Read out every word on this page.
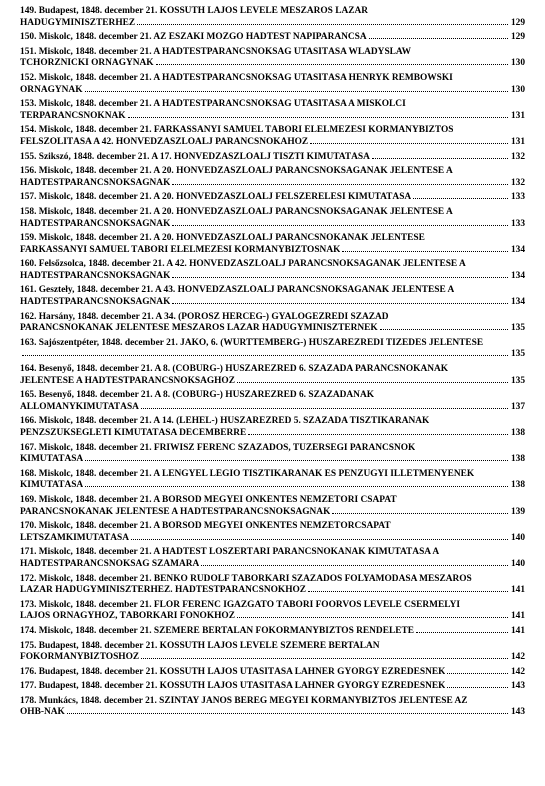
149. Budapest, 1848. december 21. KOSSUTH LAJOS LEVELE MÉSZÁROS LÁZÁR
HADÜGYMINISZTERHEZ	129
150. Miskolc, 1848. december 21. AZ ÉSZAKI MOZGÓ HADTEST NAPIPARANCSA	129
151. Miskolc, 1848. december 21. A HADTESTPARANCSNOKSÁG UTASÍTÁSA WLADYSLAW
TCHÓRZNICKI ŐRNAGYNAK	130
152. Miskolc, 1848. december 21. A HADTESTPARANCSNOKSÁG UTASÍTÁSA HENRYK REMBOWSKI
ŐRNAGYNAK	130
153. Miskolc, 1848. december 21. A HADTESTPARANCSNOKSÁG UTASÍTÁSA A MISKOLCI
TÉRPARANCSNOKNAK	131
154. Miskolc, 1848. december 21. FARKASSÁNYI SÁMUEL TÁBORI ÉLELMEZÉSI KORMÁNYBIZTOS
FELSZÓLÍTÁSA A 42. HONVÉDZÁSZLÓALJ PARANCSNOKÁHOZ	131
155. Szikszó, 1848. december 21. A 17. HONVÉDZÁSZLÓALJ TISZTI KIMUTATÁSA	132
156. Miskolc, 1848. december 21. A 20. HONVÉDZÁSZLÓALJ PARANCSNOKSÁGÁNAK JELENTÉSE A
HADTESTPARANCSNOKSÁGNAK	132
157. Miskolc, 1848. december 21. A 20. HONVÉDZÁSZLÓALJ FELSZERELÉSI KIMUTATÁSA	133
158. Miskolc, 1848. december 21. A 20. HONVÉDZÁSZLÓALJ PARANCSNOKSÁGÁNAK JELENTÉSE A
HADTESTPARANCSNOKSÁGNAK	133
159. Miskolc, 1848. december 21. A 20. HONVÉDZÁSZLÓALJ PARANCSNOKÁNAK JELENTÉSE
FARKASSÁNYI SÁMUEL TÁBORI ÉLELMEZÉSI KORMÁNYBIZTOSNAK	134
160. Felsőzsolca, 1848. december 21. A 42. HONVÉDZÁSZLÓALJ PARANCSNOKSÁGÁNAK JELENTÉSE A
HADTESTPARANCSNOKSÁGNAK	134
161. Geszteły, 1848. december 21. A 43. HONVÉDZÁSZLÓALJ PARANCSNOKSÁGÁNAK JELENTÉSE A
HADTESTPARANCSNOKSÁGNAK	134
162. Harsány, 1848. december 21. A 34. (POROSZ HERCEG-) GYALOGEZREDI SZÁZAD
PARANCSNOKÁNAK JELENTÉSE MÉSZÁROS LÁZÁR HADÜGYMINISZTERNEK	135
163. Sajószentpéter, 1848. december 21. JÁKÓ, 6. (WÜRTTEMBERG-) HUSZÁREZREDI TIZEDES JELENTÉSE
135
164. Besenyő, 1848. december 21. A 8. (COBURG-) HUSZÁREZRED 6. SZÁZADA PARANCSNOKÁNAK
JELENTÉSE A HADTESTPARANCSNOKSÁGHOZ	135
165. Besenyő, 1848. december 21. A 8. (COBURG-) HUSZÁREZRED 6. SZÁZADÁNAK
ÁLLOMÁNYKIMUTATÁSA	137
166. Miskolc, 1848. december 21. A 14. (LEHEL-) HUSZÁREZRED 5. SZÁZADA TISZTIKARÁNAK
PÉNZSZÜKSÉGLETI KIMUTATÁSA DECEMBERRE	138
167. Miskolc, 1848. december 21. FRIWISZ FERENC SZÁZADOS, TÜZÉRSÉGI PARANCSNOK
KIMUTATÁSA	138
168. Miskolc, 1848. december 21. A LENGYEL LÉGIÓ TISZTIKARÁNAK ÉS PÉNZÜGYI ILLETMÉNYÉNEK
KIMUTATÁSA	138
169. Miskolc, 1848. december 21. A BORSOD MEGYEI ÖNKÉNTES NEMZETŐRI CSAPAT
PARANCSNOKÁNAK JELENTÉSE A HADTESTPARANCSNOKSÁGNAK	139
170. Miskolc, 1848. december 21. A BORSOD MEGYEI ÖNKÉNTES NEMZETŐRCSAPAT
LÉTSZÁMKIMUTATÁSA	140
171. Miskolc, 1848. december 21. A HADTEST LŐSZERTÁRI PARANCSNOKÁNAK KIMUTATÁSA A
HADTESTPARANCSNOKSÁG SZÁMÁRA	140
172. Miskolc, 1848. december 21. BENKŐ RUDOLF TÁBORKARI SZÁZADOS FOLYAMODÁSA MÉSZÁROS
LÁZÁR HADÜGYMINISZTERHEZ. HADTESTPARANCSNOKHOZ	141
173. Miskolc, 1848. december 21. FLÓR FERENC IGAZGATÓ TÁBORI FŐORVOS LEVELE CSERMELYI
LAJOS ŐRNAGYHOZ, TÁBORKARI FŐNÖKHÖZ	141
174. Miskolc, 1848. december 21. SZEMERE BERTALAN FŐKORMÁNYBIZTOS RENDELETE	141
175. Budapest, 1848. december 21. KOSSUTH LAJOS LEVELE SZEMERE BERTALAN
FŐKORMÁNYBIZTOSHOZ	142
176. Budapest, 1848. december 21. KOSSUTH LAJOS UTASÍTÁSA LÁHNER GYÖRGY EZREDESNEK	142
177. Budapest, 1848. december 21. KOSSUTH LAJOS UTASÍTÁSA LÁHNER GYÖRGY EZREDESNEK	143
178. Munkács, 1848. december 21. SZINTAY JÁNOS BEREG MEGYEI KORMÁNYBIZTOS JELENTÉSE AZ
OHB-NAK	143
